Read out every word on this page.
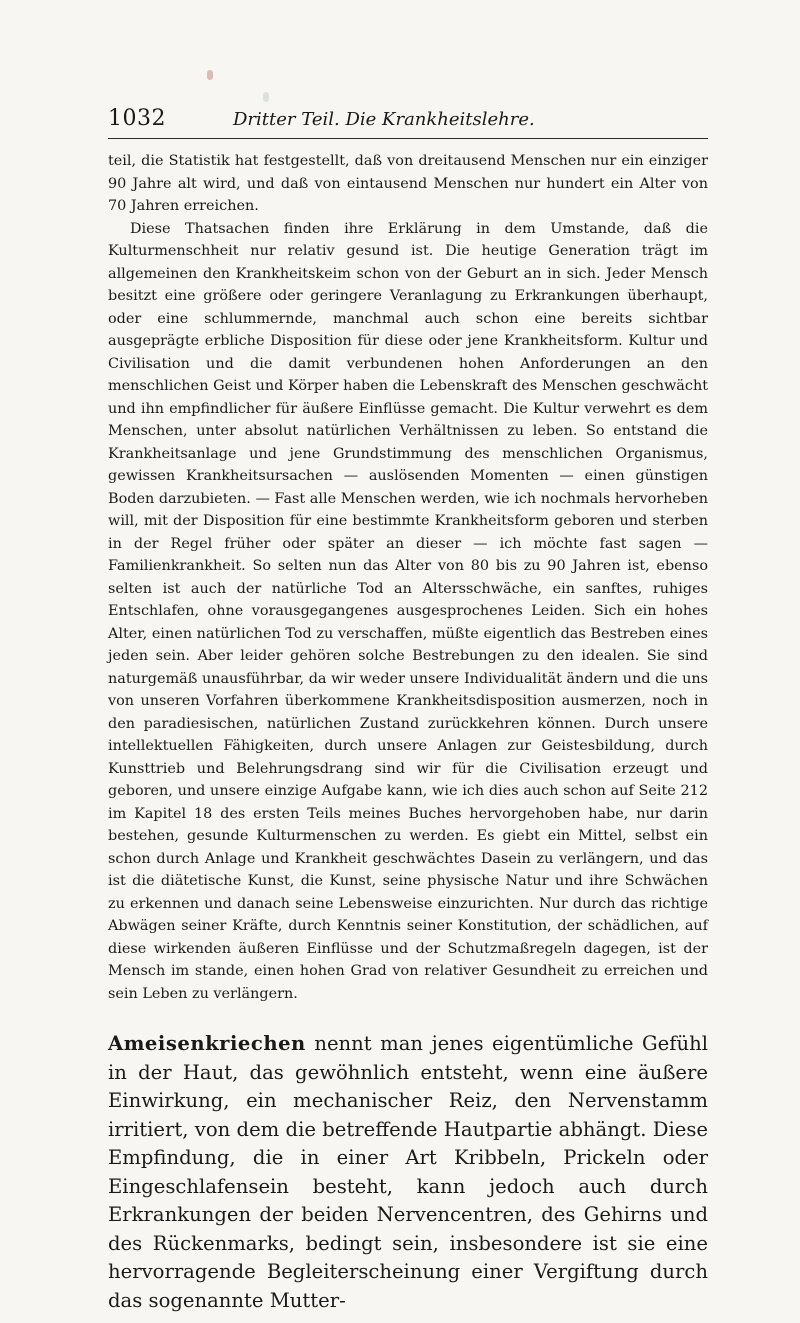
1032	Dritter Teil. Die Krankheitslehre.

teil, die Statistik hat festgestellt, daß von dreitausend Menschen nur ein einziger 90 Jahre alt wird, und daß von eintausend Menschen nur hundert ein Alter von 70 Jahren erreichen.

Diese Thatsachen finden ihre Erklärung in dem Umstande, daß die Kulturmenschheit nur relativ gesund ist. Die heutige Generation trägt im allgemeinen den Krankheitskeim schon von der Geburt an in sich. Jeder Mensch besitzt eine größere oder geringere Veranlagung zu Erkrankungen überhaupt, oder eine schlummernde, manchmal auch schon eine bereits sichtbar ausgeprägte erbliche Disposition für diese oder jene Krankheitsform. Kultur und Civilisation und die damit verbundenen hohen Anforderungen an den menschlichen Geist und Körper haben die Lebenskraft des Menschen geschwächt und ihn empfindlicher für äußere Einflüsse gemacht. Die Kultur verwehrt es dem Menschen, unter absolut natürlichen Verhältnissen zu leben. So entstand die Krankheitsanlage und jene Grundstimmung des menschlichen Organismus, gewissen Krankheitsursachen — auslösenden Momenten — einen günstigen Boden darzubieten. — Fast alle Menschen werden, wie ich nochmals hervorheben will, mit der Disposition für eine bestimmte Krankheitsform geboren und sterben in der Regel früher oder später an dieser — ich möchte fast sagen — Familienkrankheit. So selten nun das Alter von 80 bis zu 90 Jahren ist, ebenso selten ist auch der natürliche Tod an Altersschwäche, ein sanftes, ruhiges Entschlafen, ohne vorausgegangenes ausgesprochenes Leiden. Sich ein hohes Alter, einen natürlichen Tod zu verschaffen, müßte eigentlich das Bestreben eines jeden sein. Aber leider gehören solche Bestrebungen zu den idealen. Sie sind naturgemäß unausführbar, da wir weder unsere Individualität ändern und die uns von unseren Vorfahren überkommene Krankheitsdisposition ausmerzen, noch in den paradiesischen, natürlichen Zustand zurückkehren können. Durch unsere intellektuellen Fähigkeiten, durch unsere Anlagen zur Geistesbildung, durch Kunsttrieb und Belehrungsdrang sind wir für die Civilisation erzeugt und geboren, und unsere einzige Aufgabe kann, wie ich dies auch schon auf Seite 212 im Kapitel 18 des ersten Teils meines Buches hervorgehoben habe, nur darin bestehen, gesunde Kulturmenschen zu werden. Es giebt ein Mittel, selbst ein schon durch Anlage und Krankheit geschwächtes Dasein zu verlängern, und das ist die diätetische Kunst, die Kunst, seine physische Natur und ihre Schwächen zu erkennen und danach seine Lebensweise einzurichten. Nur durch das richtige Abwägen seiner Kräfte, durch Kenntnis seiner Konstitution, der schädlichen, auf diese wirkenden äußeren Einflüsse und der Schutzmaßregeln dagegen, ist der Mensch im stande, einen hohen Grad von relativer Gesundheit zu erreichen und sein Leben zu verlängern.

Ameisenkriechen nennt man jenes eigentümliche Gefühl in der Haut, das gewöhnlich entsteht, wenn eine äußere Einwirkung, ein mechanischer Reiz, den Nervenstamm irritiert, von dem die betreffende Hautpartie abhängt. Diese Empfindung, die in einer Art Kribbeln, Prickeln oder Eingeschlafensein besteht, kann jedoch auch durch Erkrankungen der beiden Nervencentren, des Gehirns und des Rückenmarks, bedingt sein, insbesondere ist sie eine hervorragende Begleiterscheinung einer Vergiftung durch das sogenannte Mutter-
